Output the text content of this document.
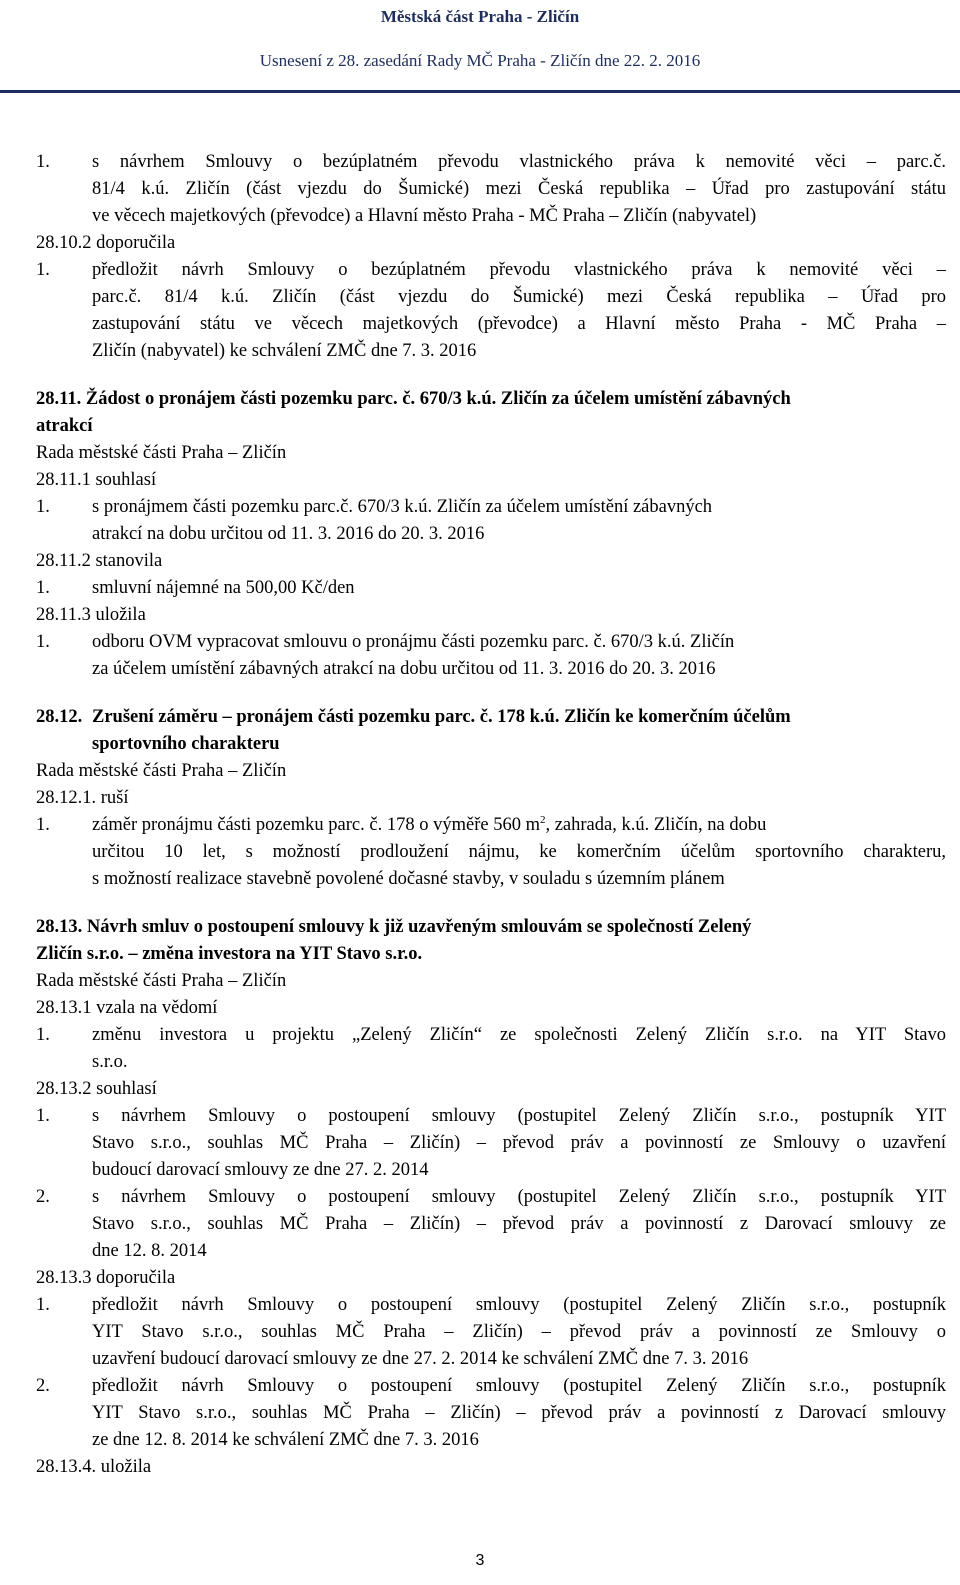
Městská část Praha - Zličín
Usnesení z 28. zasedání Rady MČ Praha - Zličín dne 22. 2. 2016
1. s návrhem Smlouvy o bezúplatném převodu vlastnického práva k nemovité věci – parc.č.
81/4 k.ú. Zličín (část vjezdu do Šumické) mezi Česká republika – Úřad pro zastupování státu
ve věcech majetkových (převodce) a Hlavní město Praha - MČ Praha – Zličín (nabyvatel)
28.10.2 doporučila
1. předložit návrh Smlouvy o bezúplatném převodu vlastnického práva k nemovité věci –
parc.č. 81/4 k.ú. Zličín (část vjezdu do Šumické) mezi Česká republika – Úřad pro
zastupování státu ve věcech majetkových (převodce) a Hlavní město Praha - MČ Praha –
Zličín (nabyvatel) ke schválení ZMČ dne 7. 3. 2016
28.11. Žádost o pronájem části pozemku parc. č. 670/3 k.ú. Zličín za účelem umístění zábavných
atrakcí
Rada městské části Praha – Zličín
28.11.1 souhlasí
1. s pronájmem části pozemku parc.č. 670/3 k.ú. Zličín za účelem umístění zábavných
atrakcí na dobu určitou od 11. 3. 2016 do 20. 3. 2016
28.11.2 stanovila
1. smluvní nájemné na 500,00 Kč/den
28.11.3 uložila
1. odboru OVM vypracovat smlouvu o pronájmu části pozemku parc. č. 670/3 k.ú. Zličín
za účelem umístění zábavných atrakcí na dobu určitou od 11. 3. 2016 do 20. 3. 2016
28.12. Zrušení záměru – pronájem části pozemku parc. č. 178 k.ú. Zličín ke komerčním účelům
sportovního charakteru
Rada městské části Praha – Zličín
28.12.1. ruší
1. záměr pronájmu části pozemku parc. č. 178 o výměře 560 $m^2$, zahrada, k.ú. Zličín, na dobu
určitou 10 let, s možností prodloužení nájmu, ke komerčním účelům sportovního charakteru,
s možností realizace stavebně povolené dočasné stavby, v souladu s územním plánem
28.13. Návrh smluv o postoupení smlouvy k již uzavřeným smlouvám se společností Zelený
Zličín s.r.o. – změna investora na YIT Stavo s.r.o.
Rada městské části Praha – Zličín
28.13.1 vzala na vědomí
1. změnu investora u projektu „Zelený Zličín“ ze společnosti Zelený Zličín s.r.o. na YIT Stavo
s.r.o.
28.13.2 souhlasí
1. s návrhem Smlouvy o postoupení smlouvy (postupitel Zelený Zličín s.r.o., postupník YIT
Stavo s.r.o., souhlas MČ Praha – Zličín) – převod práv a povinností ze Smlouvy o uzavření
budoucí darovací smlouvy ze dne 27. 2. 2014
2. s návrhem Smlouvy o postoupení smlouvy (postupitel Zelený Zličín s.r.o., postupník YIT
Stavo s.r.o., souhlas MČ Praha – Zličín) – převod práv a povinností z Darovací smlouvy ze
dne 12. 8. 2014
28.13.3 doporučila
1. předložit návrh Smlouvy o postoupení smlouvy (postupitel Zelený Zličín s.r.o., postupník
YIT Stavo s.r.o., souhlas MČ Praha – Zličín) – převod práv a povinností ze Smlouvy o
uzavření budoucí darovací smlouvy ze dne 27. 2. 2014 ke schválení ZMČ dne 7. 3. 2016
2. předložit návrh Smlouvy o postoupení smlouvy (postupitel Zelený Zličín s.r.o., postupník
YIT Stavo s.r.o., souhlas MČ Praha – Zličín) – převod práv a povinností z Darovací smlouvy
ze dne 12. 8. 2014 ke schválení ZMČ dne 7. 3. 2016
28.13.4. uložila
3
